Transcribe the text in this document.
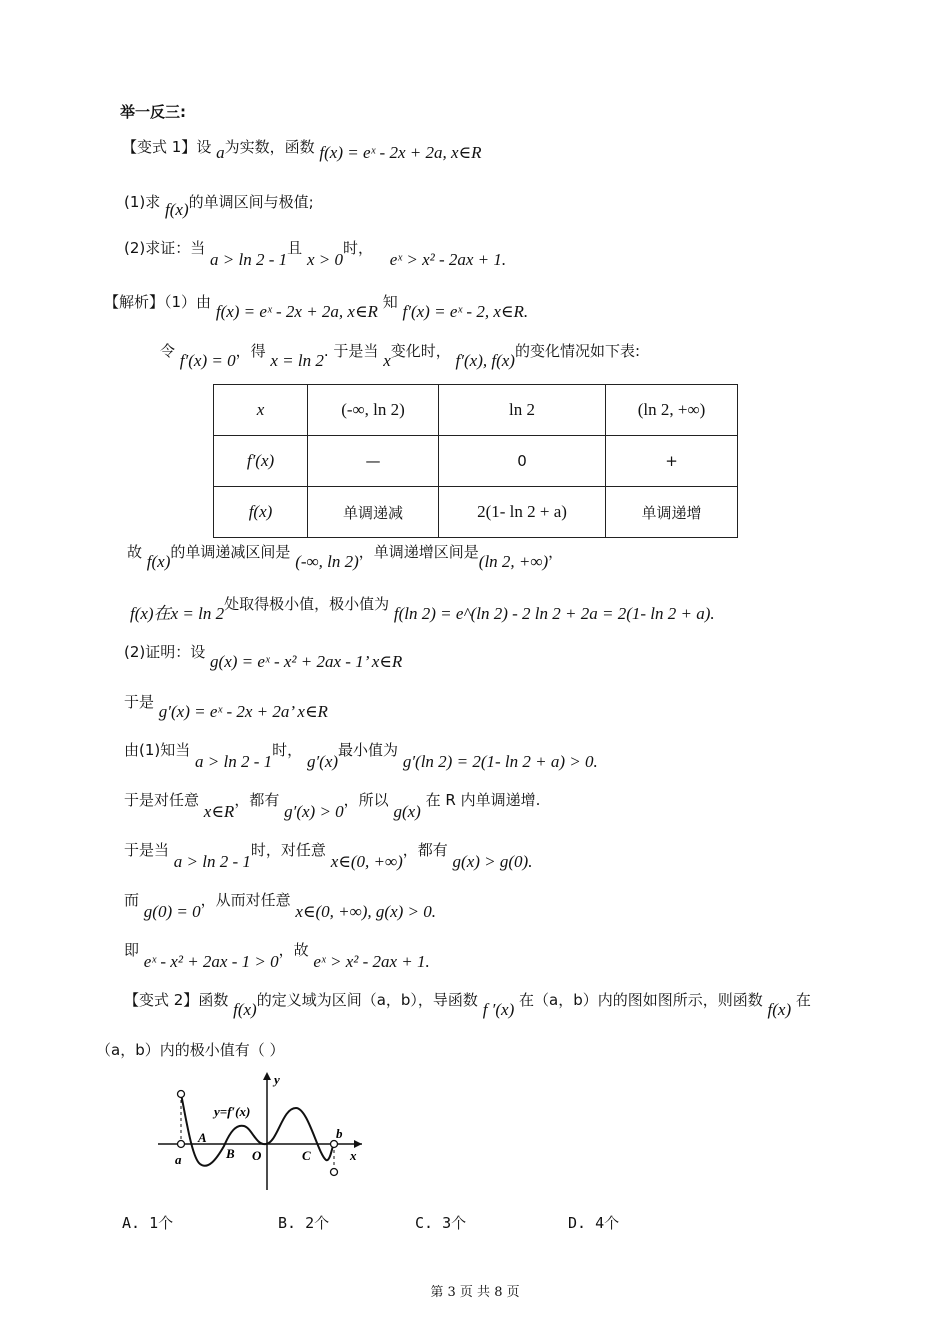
举一反三:
【变式 1】设 a为实数，函数 f(x) = eˣ - 2x + 2a, x∈R
(1)求 f(x)的单调区间与极值;
(2)求证：当 a > ln 2 - 1且 x > 0时， eˣ > x² - 2ax + 1.
【解析】（1）由 f(x) = eˣ - 2x + 2a, x∈R 知 f′(x) = eˣ - 2, x∈R.
令 f′(x) = 0，得 x = ln 2. 于是当 x变化时， f′(x), f(x)的变化情况如下表:
x	(-∞, ln 2)	ln 2	(ln 2, +∞)
f′(x)	—	0	+
f(x)	单调递减	2(1- ln 2 + a)	单调递增
故 f(x)的单调递减区间是 (-∞, ln 2)，单调递增区间是(ln 2, +∞)，
f(x)在x = ln 2处取得极小值，极小值为 f(ln 2) = e^(ln 2) - 2 ln 2 + 2a = 2(1- ln 2 + a).
(2)证明：设 g(x) = eˣ - x² + 2ax - 1’ x∈R
于是 g′(x) = eˣ - 2x + 2a’ x∈R
由(1)知当 a > ln 2 - 1时， g′(x)最小值为 g′(ln 2) = 2(1- ln 2 + a) > 0.
于是对任意 x∈R，都有 g′(x) > 0，所以 g(x) 在 R 内单调递增.
于是当 a > ln 2 - 1时，对任意 x∈(0, +∞)，都有 g(x) > g(0).
而 g(0) = 0，从而对任意 x∈(0, +∞), g(x) > 0.
即 eˣ - x² + 2ax - 1 > 0，故 eˣ > x² - 2ax + 1.
【变式 2】函数 f(x)的定义域为区间（a，b），导函数 f ′(x) 在（a，b）内的图如图所示，则函数 f(x) 在
（a，b）内的极小值有（ ）
y=f′(x)
y
x
a
b
A
B O	C
A. 1个	B. 2个	C. 3个	D. 4个
第 3 页 共 8 页
